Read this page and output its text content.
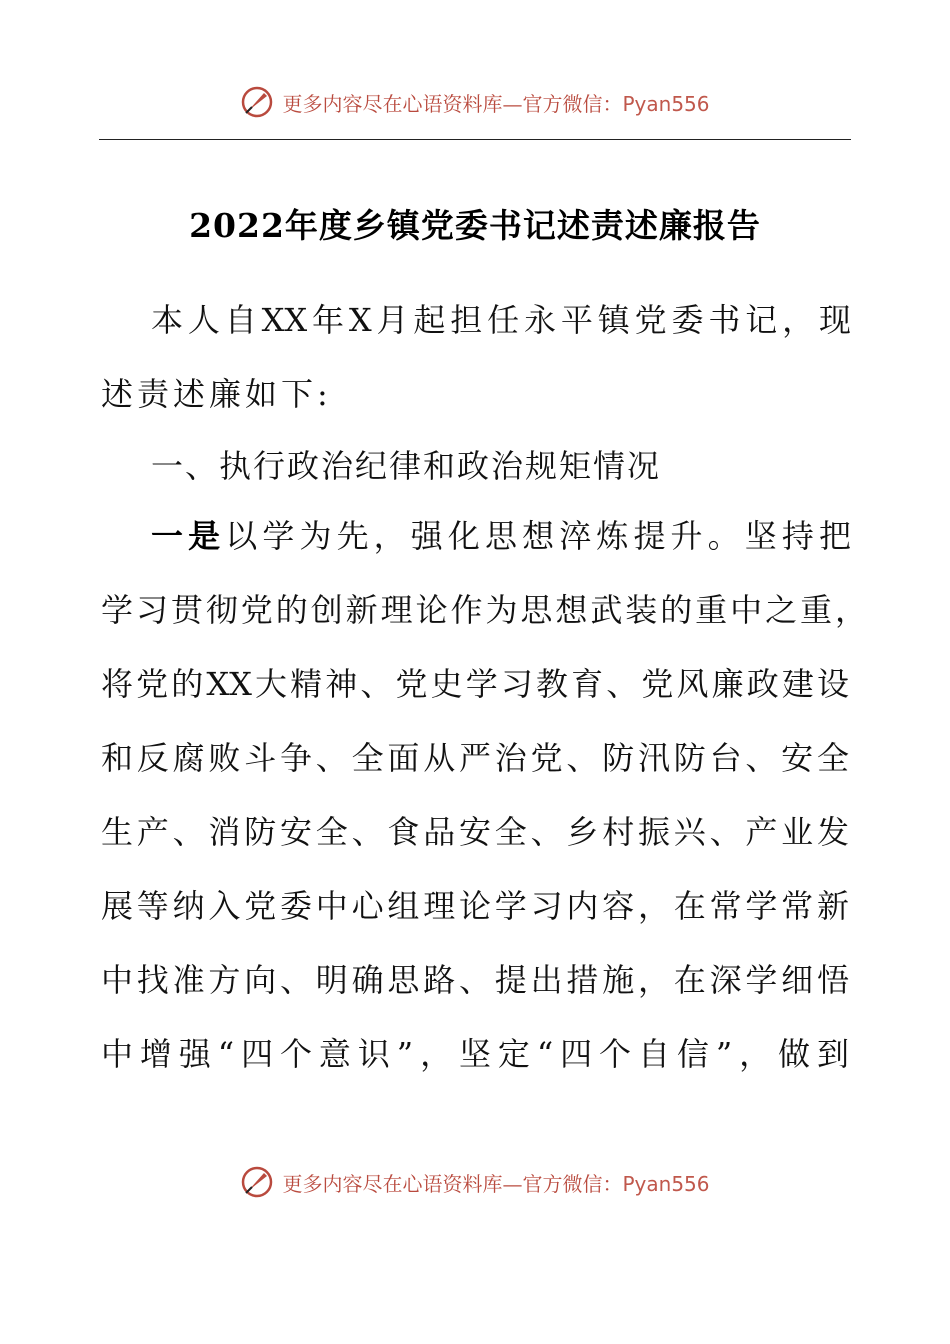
更多内容尽在心语资料库—官方微信：Pyan556
2022年度乡镇党委书记述责述廉报告
本人自XX年X月起担任永平镇党委书记，现
述责述廉如下:
一、执行政治纪律和政治规矩情况
一是以学为先，强化思想淬炼提升。坚持把
学习贯彻党的创新理论作为思想武装的重中之重，
将党的XX大精神、党史学习教育、党风廉政建设
和反腐败斗争、全面从严治党、防汛防台、安全
生产、消防安全、食品安全、乡村振兴、产业发
展等纳入党委中心组理论学习内容，在常学常新
中找准方向、明确思路、提出措施，在深学细悟
中增强“四个意识”，坚定“四个自信”，做到
更多内容尽在心语资料库—官方微信：Pyan556
